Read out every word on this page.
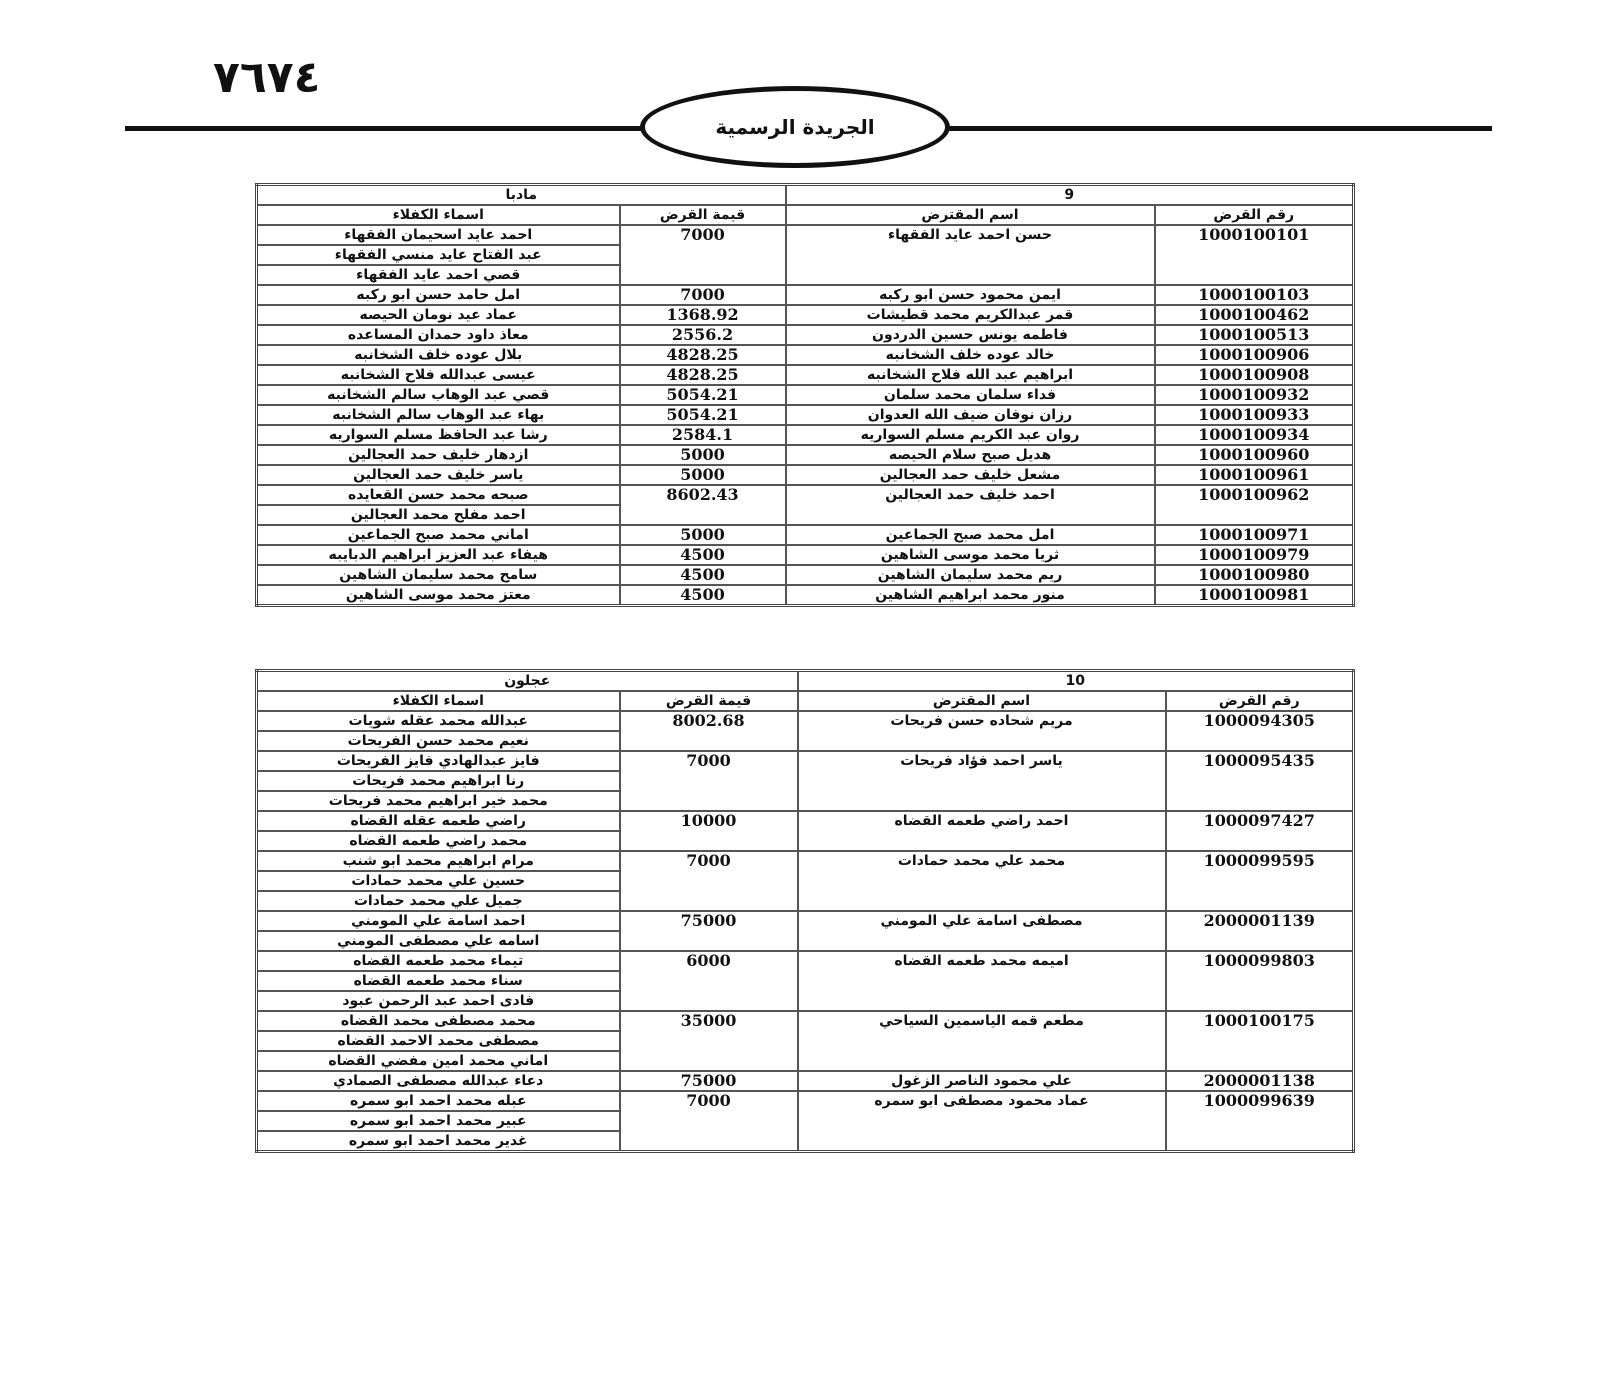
٧٦٧٤
الجريدة الرسمية
مادبا		9	
اسماء الكفلاء	قيمة القرض	اسم المقترض	رقم القرض
احمد عايد اسحيمان الفقهاء	7000	حسن احمد عايد الفقهاء	1000100101
عبد الفتاح عايد منسي الفقهاء			
قصي احمد عايد الفقهاء			
امل حامد حسن ابو ركبه	7000	ايمن محمود حسن ابو ركبه	1000100103
عماد عيد نومان الحيصه	1368.92	قمر عبدالكريم محمد قطيشات	1000100462
معاذ داود حمدان المساعده	2556.2	فاطمه يونس حسين الدردون	1000100513
بلال عوده خلف الشخانبه	4828.25	خالد عوده خلف الشخانبه	1000100906
عيسى عبدالله فلاح الشخانبه	4828.25	ابراهيم عبد الله فلاح الشخانبه	1000100908
قصي عبد الوهاب سالم الشخانبه	5054.21	فداء سلمان محمد سلمان	1000100932
بهاء عبد الوهاب سالم الشخانبه	5054.21	رزان نوفان ضيف الله العدوان	1000100933
رشا عبد الحافظ مسلم السواريه	2584.1	روان عبد الكريم مسلم السواريه	1000100934
ازدهار خليف حمد العجالين	5000	هديل صبح سلام الحيصه	1000100960
ياسر خليف حمد العجالين	5000	مشعل خليف حمد العجالين	1000100961
صبحه محمد حسن القعايده	8602.43	احمد خليف حمد العجالين	1000100962
احمد مفلح محمد العجالين			
اماني محمد صبح الجماعين	5000	امل محمد صبح الجماعين	1000100971
هيفاء عبد العزيز ابراهيم الدبايبه	4500	ثريا محمد موسى الشاهين	1000100979
سامح محمد سليمان الشاهين	4500	ريم محمد سليمان الشاهين	1000100980
معتز محمد موسى الشاهين	4500	منور محمد ابراهيم الشاهين	1000100981
عجلون		10	
اسماء الكفلاء	قيمة القرض	اسم المقترض	رقم القرض
عبدالله محمد عقله شويات	8002.68	مريم شحاده حسن فريحات	1000094305
نعيم محمد حسن الفريحات			
فايز عبدالهادي فايز الفريحات	7000	ياسر احمد فؤاد فريحات	1000095435
رنا ابراهيم محمد فريحات			
محمد خير ابراهيم محمد فريحات			
راضي طعمه عقله القضاه	10000	احمد راضي طعمه القضاه	1000097427
محمد راضي طعمه القضاه			
مرام ابراهيم محمد ابو شنب	7000	محمد علي محمد حمادات	1000099595
حسين علي محمد حمادات			
جميل علي محمد حمادات			
احمد اسامة علي المومني	75000	مصطفى اسامة علي المومني	2000001139
اسامه علي مصطفى المومني			
تيماء محمد طعمه القضاه	6000	اميمه محمد طعمه القضاه	1000099803
سناء محمد طعمه القضاه			
فادى احمد عبد الرحمن عبود			
محمد مصطفى محمد القضاه	35000	مطعم قمه الياسمين السياحي	1000100175
مصطفى محمد الاحمد القضاه			
اماني محمد امين مفضي القضاه			
دعاء عبدالله مصطفى الصمادي	75000	علي محمود الناصر الزغول	2000001138
عبله محمد احمد ابو سمره	7000	عماد محمود مصطفى ابو سمره	1000099639
عبير محمد احمد ابو سمره			
غدير محمد احمد ابو سمره			
